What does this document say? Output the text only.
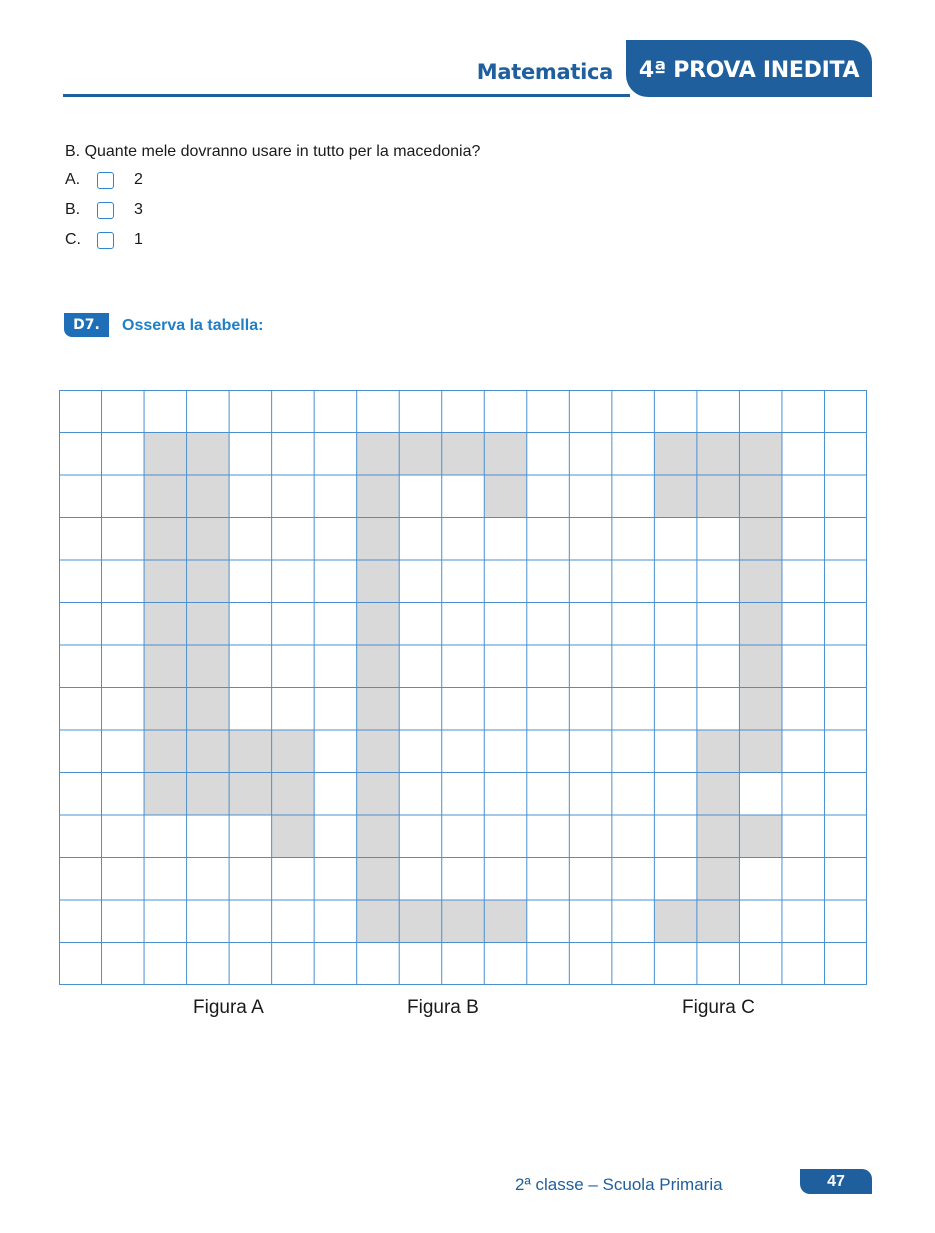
Matematica 4ª PROVA INEDITA
B. Quante mele dovranno usare in tutto per la macedonia?
A.	2
B.	3
C.	1
D7.	Osserva la tabella:
Figura A	Figura B	Figura C
2ª classe – Scuola Primaria	47
